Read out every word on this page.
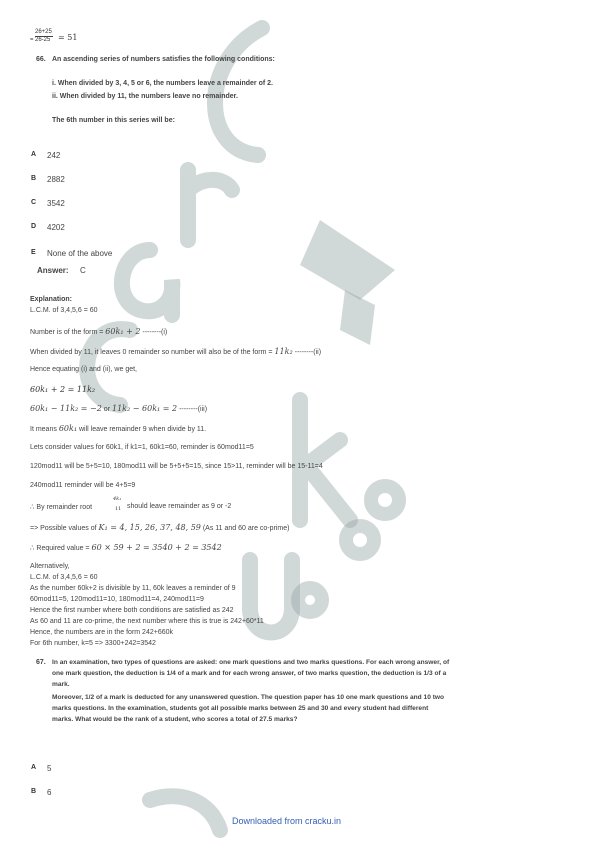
26+25
= 26-25 = 51
66. An ascending series of numbers satisfies the following conditions:
i. When divided by 3, 4, 5 or 6, the numbers leave a remainder of 2.
ii. When divided by 11, the numbers leave no remainder.
The 6th number in this series will be:
A 242
B 2882
C 3542
D 4202
E None of the above
Answer: C
Explanation:
L.C.M. of 3,4,5,6 = 60
Number is of the form = 60k₁ + 2 --------(i)
When divided by 11, it leaves 0 remainder so number will also be of the form = 11k₂ --------(ii)
Hence equating (i) and (ii), we get,
60k₁ + 2 = 11k₂
60k₁ − 11k₂ = −2 or 11k₂ − 60k₁ = 2 --------(iii)
It means 60k₁ will leave remainder 9 when divide by 11.
Lets consider values for 60k1, if k1=1, 60k1=60, reminder is 60mod11=5
120mod11 will be 5+5=10, 180mod11 will be 5+5+5=15, since 15>11, reminder will be 15-11=4
240mod11 reminder will be 4+5=9
∴ By remainder root
4k₁
11 should leave remainder as 9 or -2
=> Possible values of K₁ = 4, 15, 26, 37, 48, 59 (As 11 and 60 are co-prime)
∴ Required value = 60 × 59 + 2 = 3540 + 2 = 3542
Alternatively,
L.C.M. of 3,4,5,6 = 60
As the number 60k+2 is divisible by 11, 60k leaves a reminder of 9
60mod11=5, 120mod11=10, 180mod11=4, 240mod11=9
Hence the first number where both conditions are satisfied as 242
As 60 and 11 are co-prime, the next number where this is true is 242+60*11
Hence, the numbers are in the form 242+660k
For 6th number, k=5 => 3300+242=3542
67. In an examination, two types of questions are asked: one mark questions and two marks questions. For each wrong answer, of
one mark question, the deduction is 1/4 of a mark and for each wrong answer, of two marks question, the deduction is 1/3 of a
mark.
Moreover, 1/2 of a mark is deducted for any unanswered question. The question paper has 10 one mark questions and 10 two
marks questions. In the examination, students got all possible marks between 25 and 30 and every student had different
marks. What would be the rank of a student, who scores a total of 27.5 marks?
A 5
B 6
Downloaded from cracku.in
